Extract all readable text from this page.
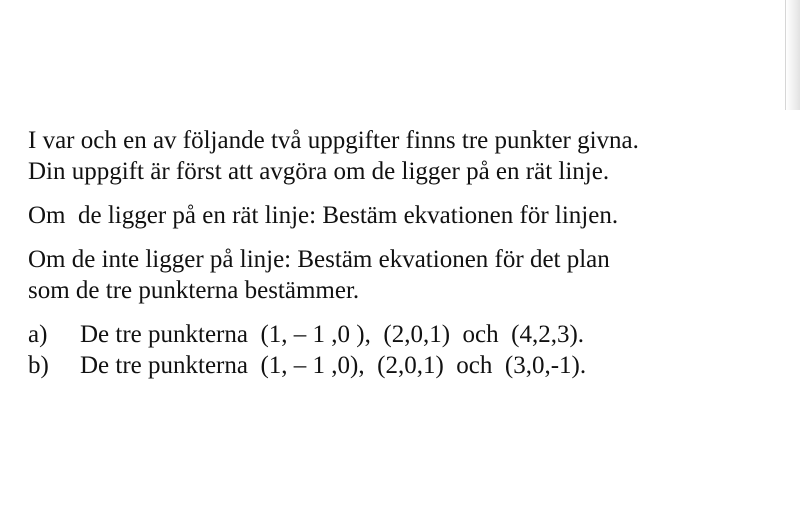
I var och en av följande två uppgifter finns tre punkter givna.

Din uppgift är först att avgöra om de ligger på en rät linje.

Om  de ligger på en rät linje: Bestäm ekvationen för linjen.

Om de inte ligger på linje: Bestäm ekvationen för det plan

som de tre punkterna bestämmer.

a)	De tre punkterna  (1, – 1 ,0 ),  (2,0,1)  och  (4,2,3).
b)	De tre punkterna  (1, – 1 ,0),  (2,0,1)  och  (3,0,-1).
